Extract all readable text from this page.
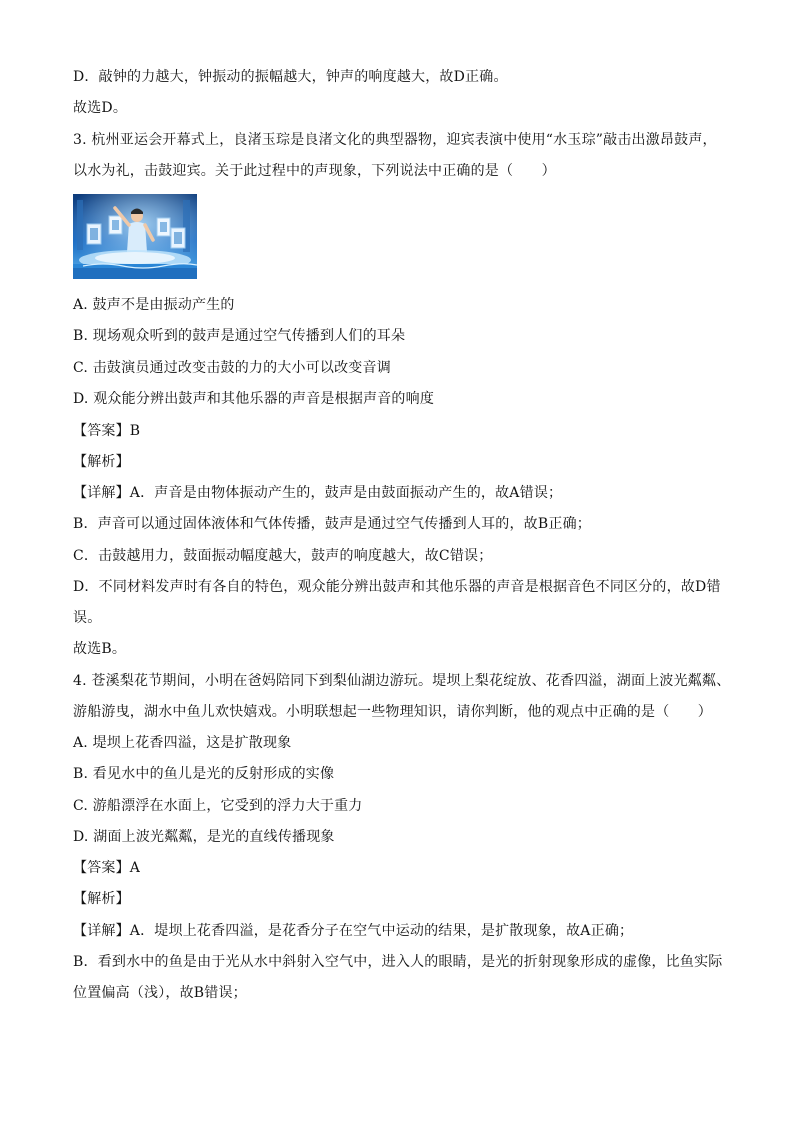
D．敲钟的力越大，钟振动的振幅越大，钟声的响度越大，故D正确。
故选D。
3. 杭州亚运会开幕式上，良渚玉琮是良渚文化的典型器物，迎宾表演中使用“水玉琮”敲击出激昂鼓声，
以水为礼，击鼓迎宾。关于此过程中的声现象，下列说法中正确的是（　　）
A. 鼓声不是由振动产生的
B. 现场观众听到的鼓声是通过空气传播到人们的耳朵
C. 击鼓演员通过改变击鼓的力的大小可以改变音调
D. 观众能分辨出鼓声和其他乐器的声音是根据声音的响度
【答案】B
【解析】
【详解】A．声音是由物体振动产生的，鼓声是由鼓面振动产生的，故A错误；
B．声音可以通过固体液体和气体传播，鼓声是通过空气传播到人耳的，故B正确；
C．击鼓越用力，鼓面振动幅度越大，鼓声的响度越大，故C错误；
D．不同材料发声时有各自的特色，观众能分辨出鼓声和其他乐器的声音是根据音色不同区分的，故D错
误。
故选B。
4. 苍溪梨花节期间，小明在爸妈陪同下到梨仙湖边游玩。堤坝上梨花绽放、花香四溢，湖面上波光粼粼、
游船游曳，湖水中鱼儿欢快嬉戏。小明联想起一些物理知识，请你判断，他的观点中正确的是（　　）
A. 堤坝上花香四溢，这是扩散现象
B. 看见水中的鱼儿是光的反射形成的实像
C. 游船漂浮在水面上，它受到的浮力大于重力
D. 湖面上波光粼粼，是光的直线传播现象
【答案】A
【解析】
【详解】A．堤坝上花香四溢，是花香分子在空气中运动的结果，是扩散现象，故A正确；
B．看到水中的鱼是由于光从水中斜射入空气中，进入人的眼睛，是光的折射现象形成的虚像，比鱼实际
位置偏高（浅），故B错误；
